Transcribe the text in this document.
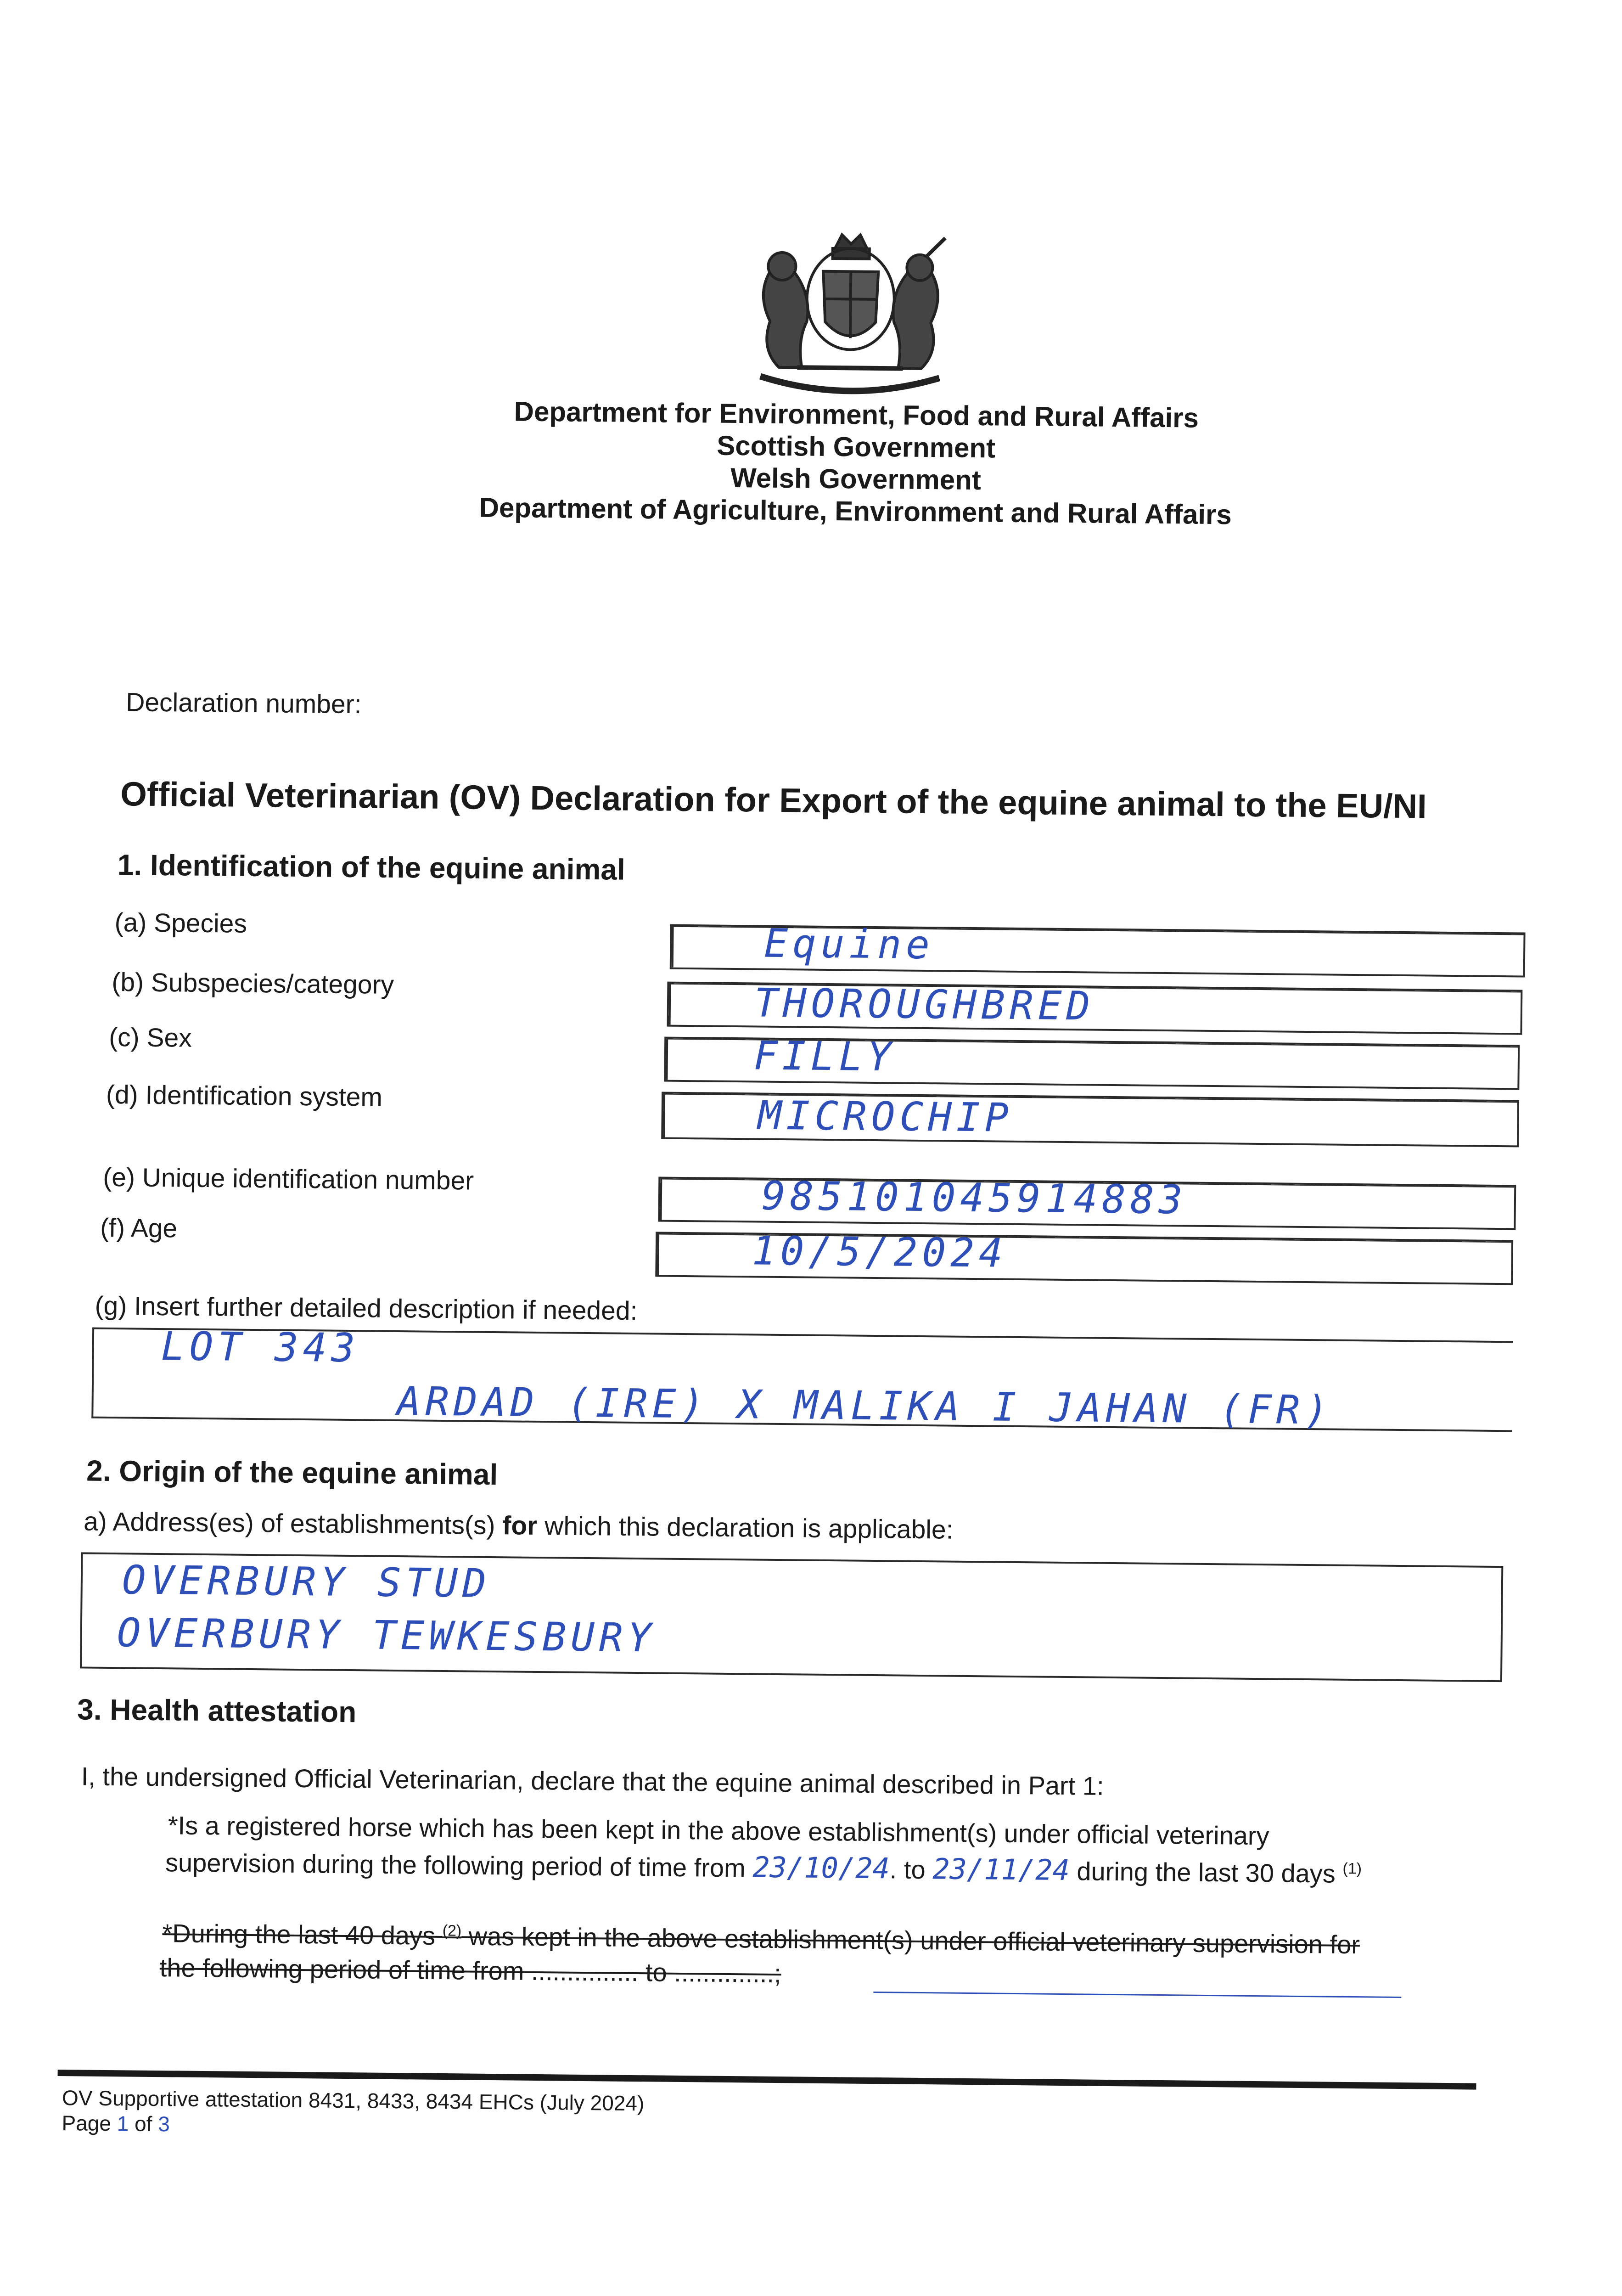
Department for Environment, Food and Rural Affairs
Scottish Government
Welsh Government
Department of Agriculture, Environment and Rural Affairs
Declaration number:
Official Veterinarian (OV) Declaration for Export of the equine animal to the EU/NI
1. Identification of the equine animal
(a) Species
(b) Subspecies/category
(c) Sex
(d) Identification system
(e) Unique identification number
(f) Age
Equine
THOROUGHBRED
FILLY
MICROCHIP
985101045914883
10/5/2024
(g) Insert further detailed description if needed:
LOT 343
ARDAD (IRE) X MALIKA I JAHAN (FR)
2. Origin of the equine animal
a) Address(es) of establishments(s) for which this declaration is applicable:
OVERBURY STUD
OVERBURY TEWKESBURY
3. Health attestation
I, the undersigned Official Veterinarian, declare that the equine animal described in Part 1:
*Is a registered horse which has been kept in the above establishment(s) under official veterinary
supervision during the following period of time from 23/10/24. to 23/11/24 during the last 30 days $^{(1)}$
*During the last 40 days $^{(2)}$ was kept in the above establishment(s) under official veterinary supervision for
the following period of time from ............... to ..............;
OV Supportive attestation 8431, 8433, 8434 EHCs (July 2024)
Page 1 of 3
